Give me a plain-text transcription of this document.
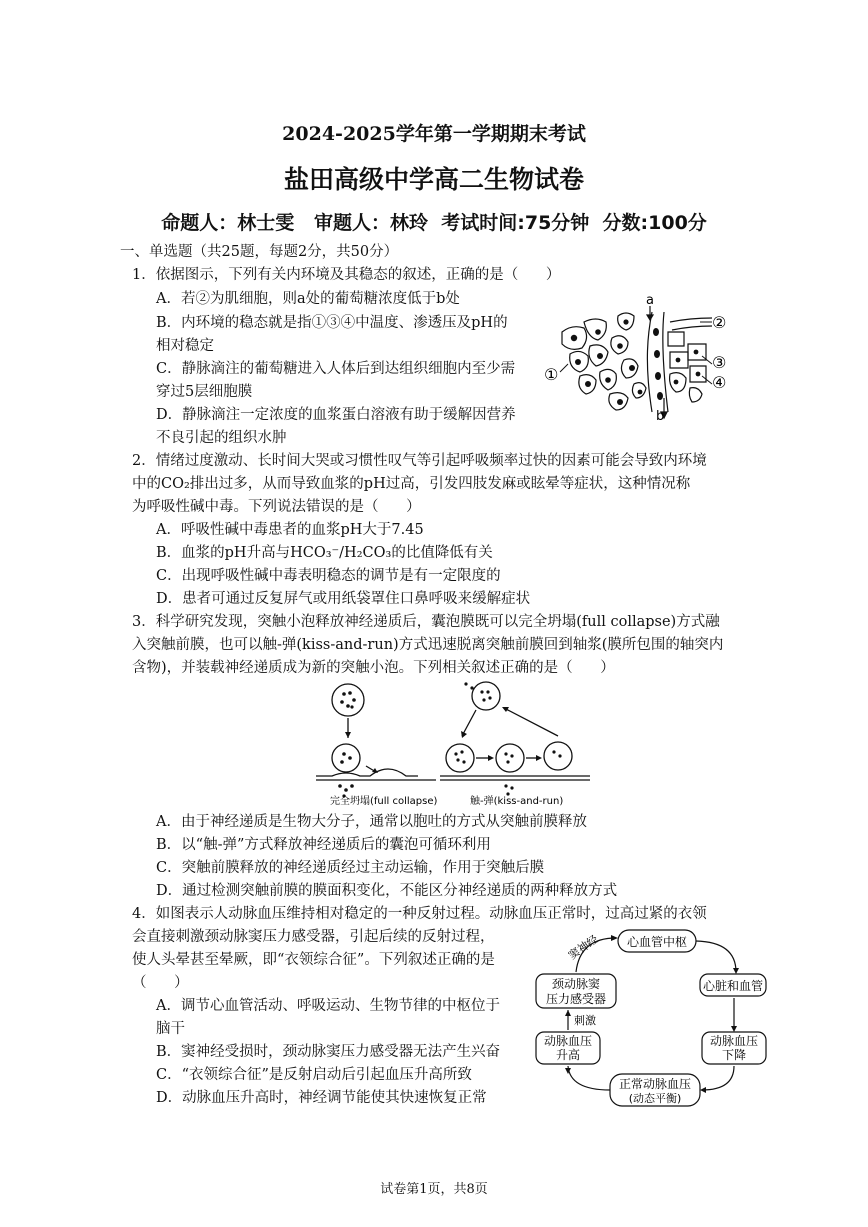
2024-2025学年第一学期期末考试
盐田高级中学高二生物试卷
命题人：林士雯   审题人：林玲  考试时间:75分钟  分数:100分
一、单选题（共25题，每题2分，共50分）
1．依据图示，下列有关内环境及其稳态的叙述，正确的是（      ）
A．若②为肌细胞，则a处的葡萄糖浓度低于b处
B．内环境的稳态就是指①③④中温度、渗透压及pH的
相对稳定
C．静脉滴注的葡萄糖进入人体后到达组织细胞内至少需
穿过5层细胞膜
D．静脉滴注一定浓度的血浆蛋白溶液有助于缓解因营养
不良引起的组织水肿
a
b
①
②
③
④
2．情绪过度激动、长时间大哭或习惯性叹气等引起呼吸频率过快的因素可能会导致内环境
中的CO₂排出过多，从而导致血浆的pH过高，引发四肢发麻或眩晕等症状，这种情况称
为呼吸性碱中毒。下列说法错误的是（      ）
A．呼吸性碱中毒患者的血浆pH大于7.45
B．血浆的pH升高与HCO₃⁻/H₂CO₃的比值降低有关
C．出现呼吸性碱中毒表明稳态的调节是有一定限度的
D．患者可通过反复屏气或用纸袋罩住口鼻呼吸来缓解症状
3．科学研究发现，突触小泡释放神经递质后，囊泡膜既可以完全坍塌(full collapse)方式融
入突触前膜，也可以触-弹(kiss-and-run)方式迅速脱离突触前膜回到轴浆(膜所包围的轴突内
含物)，并装载神经递质成为新的突触小泡。下列相关叙述正确的是（      ）
完全坍塌(full collapse)	触-弹(kiss-and-run)
A．由于神经递质是生物大分子，通常以胞吐的方式从突触前膜释放
B．以“触-弹”方式释放神经递质后的囊泡可循环利用
C．突触前膜释放的神经递质经过主动运输，作用于突触后膜
D．通过检测突触前膜的膜面积变化，不能区分神经递质的两种释放方式
4．如图表示人动脉血压维持相对稳定的一种反射过程。动脉血压正常时，过高过紧的衣领
会直接刺激颈动脉窦压力感受器，引起后续的反射过程，
使人头晕甚至晕厥，即“衣领综合征”。下列叙述正确的是
（      ）
A．调节心血管活动、呼吸运动、生物节律的中枢位于
脑干
B．窦神经受损时，颈动脉窦压力感受器无法产生兴奋
C．“衣领综合征”是反射启动后引起血压升高所致
D．动脉血压升高时，神经调节能使其快速恢复正常
心血管中枢
窦神经
颈动脉窦
压力感受器
心脏和血管
刺激
动脉血压
升高
动脉血压
下降
正常动脉血压
(动态平衡)
试卷第1页，共8页
